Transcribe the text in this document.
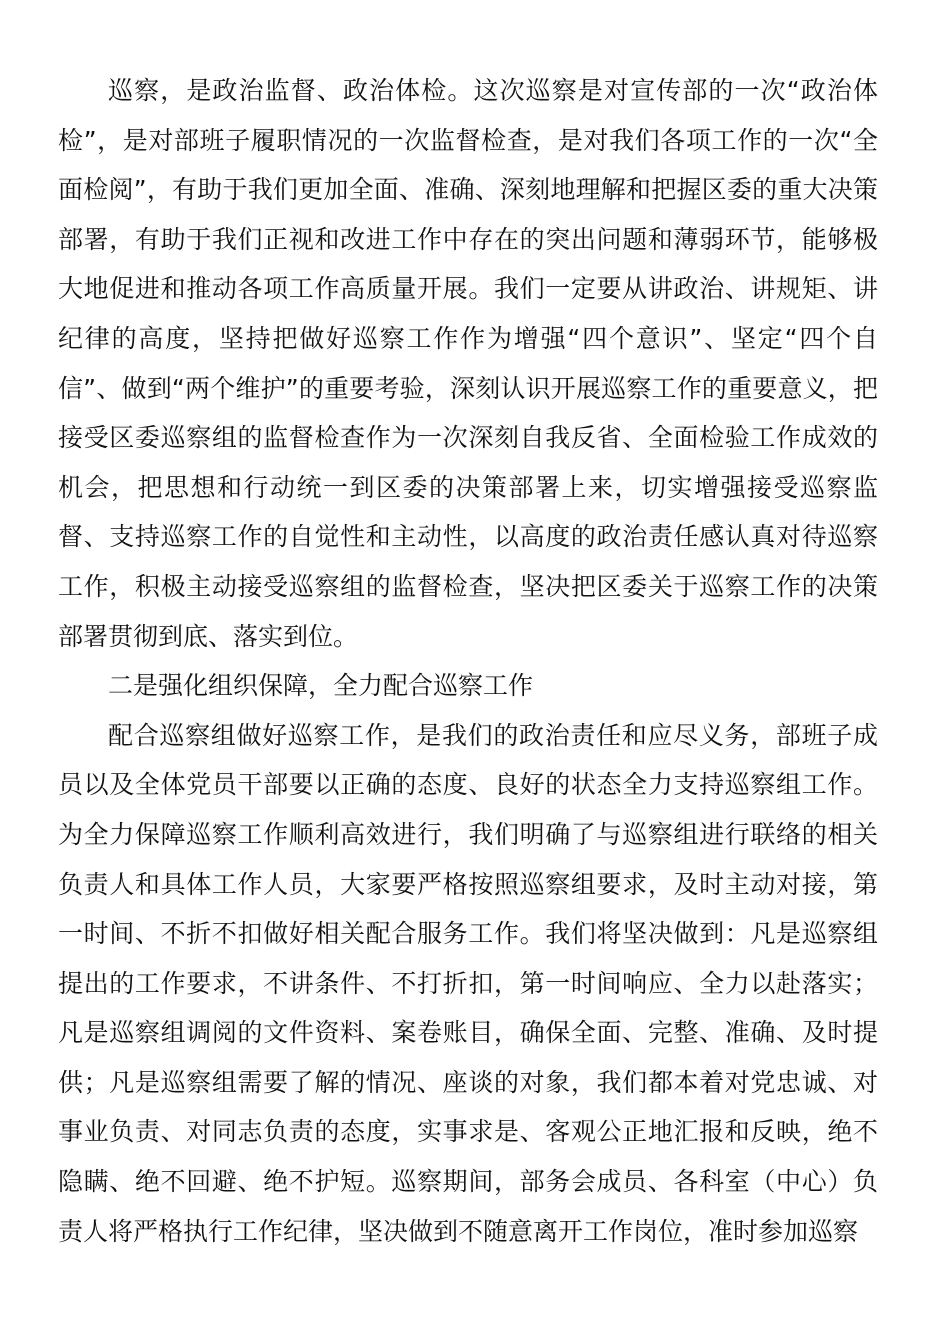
巡察，是政治监督、政治体检。这次巡察是对宣传部的一次“政治体检”，是对部班子履职情况的一次监督检查，是对我们各项工作的一次“全面检阅”，有助于我们更加全面、准确、深刻地理解和把握区委的重大决策部署，有助于我们正视和改进工作中存在的突出问题和薄弱环节，能够极大地促进和推动各项工作高质量开展。我们一定要从讲政治、讲规矩、讲纪律的高度，坚持把做好巡察工作作为增强“四个意识”、坚定“四个自信”、做到“两个维护”的重要考验，深刻认识开展巡察工作的重要意义，把接受区委巡察组的监督检查作为一次深刻自我反省、全面检验工作成效的机会，把思想和行动统一到区委的决策部署上来，切实增强接受巡察监督、支持巡察工作的自觉性和主动性，以高度的政治责任感认真对待巡察工作，积极主动接受巡察组的监督检查，坚决把区委关于巡察工作的决策部署贯彻到底、落实到位。

二是强化组织保障，全力配合巡察工作

配合巡察组做好巡察工作，是我们的政治责任和应尽义务，部班子成员以及全体党员干部要以正确的态度、良好的状态全力支持巡察组工作。为全力保障巡察工作顺利高效进行，我们明确了与巡察组进行联络的相关负责人和具体工作人员，大家要严格按照巡察组要求，及时主动对接，第一时间、不折不扣做好相关配合服务工作。我们将坚决做到：凡是巡察组提出的工作要求，不讲条件、不打折扣，第一时间响应、全力以赴落实；凡是巡察组调阅的文件资料、案卷账目，确保全面、完整、准确、及时提供；凡是巡察组需要了解的情况、座谈的对象，我们都本着对党忠诚、对事业负责、对同志负责的态度，实事求是、客观公正地汇报和反映，绝不隐瞒、绝不回避、绝不护短。巡察期间，部务会成员、各科室（中心）负责人将严格执行工作纪律，坚决做到不随意离开工作岗位，准时参加巡察
